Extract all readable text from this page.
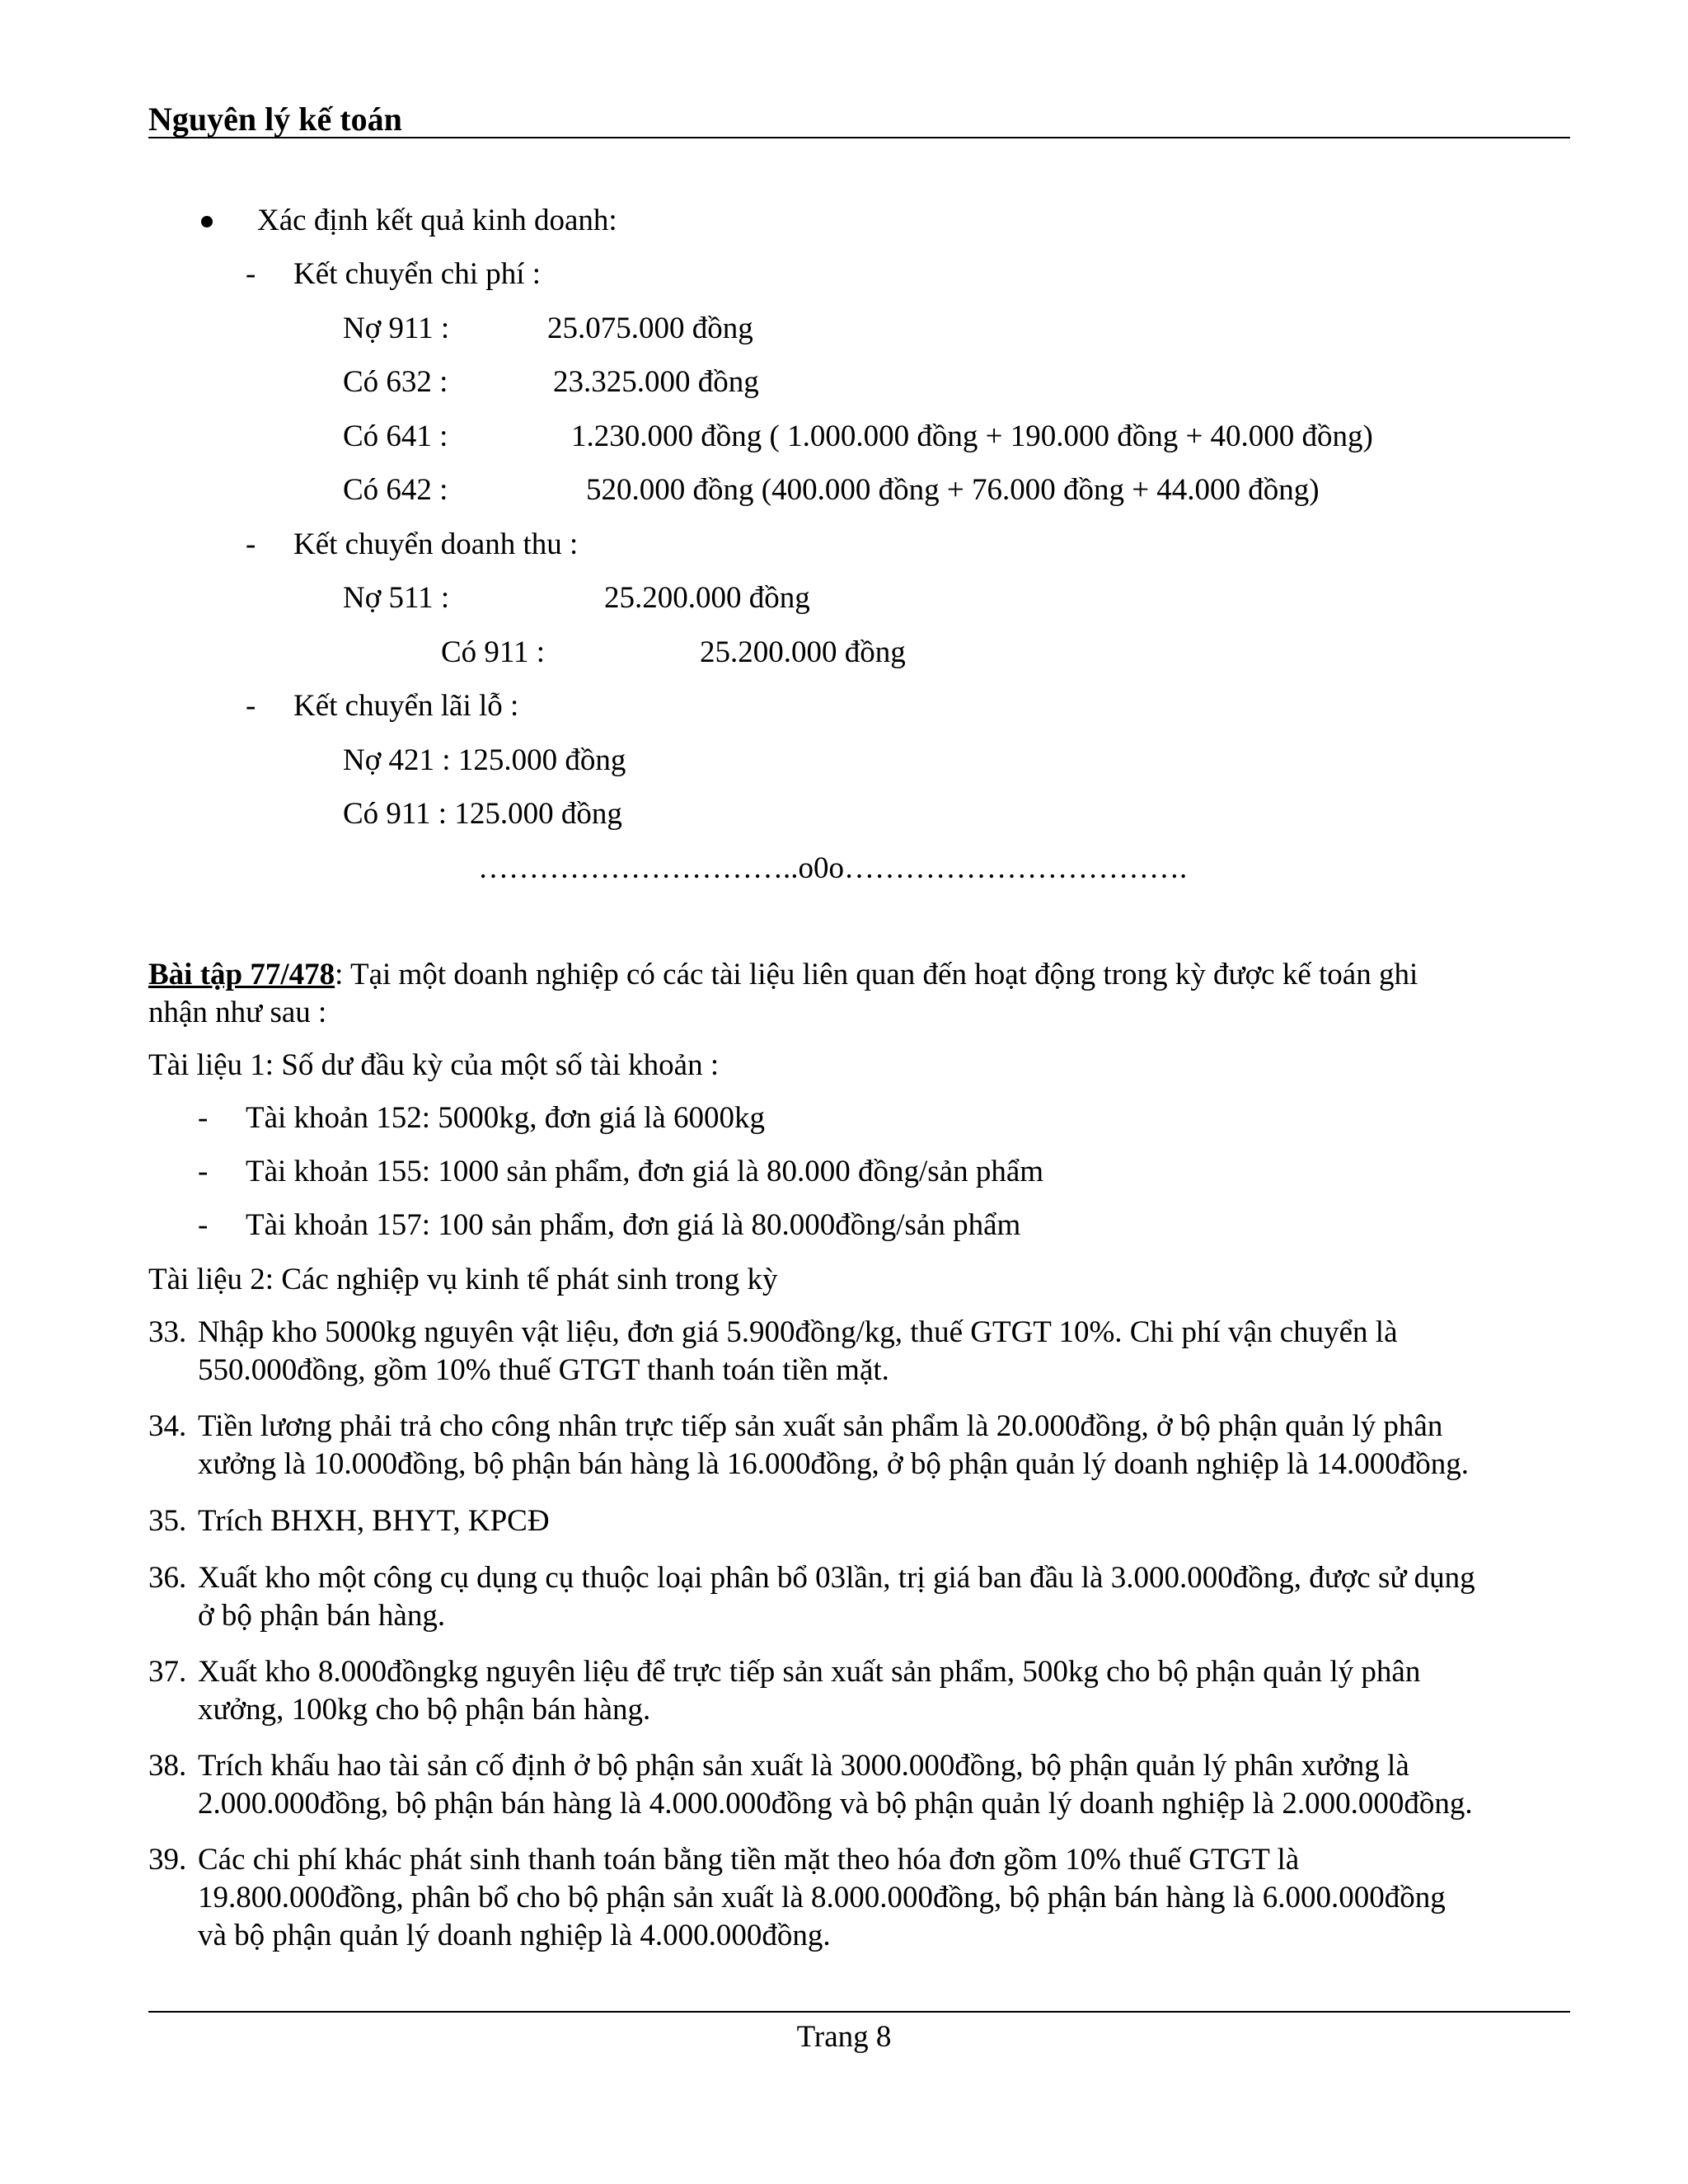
Nguyên lý kế toán
Xác định kết quả kinh doanh:
- Kết chuyển chi phí :
Nợ 911 :	25.075.000 đồng
Có 632 :	23.325.000 đồng
Có 641 :	1.230.000 đồng ( 1.000.000 đồng + 190.000 đồng + 40.000 đồng)
Có 642 :	520.000 đồng (400.000 đồng + 76.000 đồng + 44.000 đồng)
- Kết chuyển doanh thu :
Nợ 511 :	25.200.000 đồng
Có 911 :	25.200.000 đồng
- Kết chuyển lãi lỗ :
Nợ 421 : 125.000 đồng
Có 911 : 125.000 đồng
…………………………..o0o…………………………….
Bài tập 77/478: Tại một doanh nghiệp có các tài liệu liên quan đến hoạt động trong kỳ được kế toán ghi
nhận như sau :
Tài liệu 1: Số dư đầu kỳ của một số tài khoản :
- Tài khoản 152: 5000kg, đơn giá là 6000kg
- Tài khoản 155: 1000 sản phẩm, đơn giá là 80.000 đồng/sản phẩm
- Tài khoản 157: 100 sản phẩm, đơn giá là 80.000đồng/sản phẩm
Tài liệu 2: Các nghiệp vụ kinh tế phát sinh trong kỳ
33. Nhập kho 5000kg nguyên vật liệu, đơn giá 5.900đồng/kg, thuế GTGT 10%. Chi phí vận chuyển là
550.000đồng, gồm 10% thuế GTGT thanh toán tiền mặt.
34. Tiền lương phải trả cho công nhân trực tiếp sản xuất sản phẩm là 20.000đồng, ở bộ phận quản lý phân
xưởng là 10.000đồng, bộ phận bán hàng là 16.000đồng, ở bộ phận quản lý doanh nghiệp là 14.000đồng.
35. Trích BHXH, BHYT, KPCĐ
36. Xuất kho một công cụ dụng cụ thuộc loại phân bổ 03lần, trị giá ban đầu là 3.000.000đồng, được sử dụng
ở bộ phận bán hàng.
37. Xuất kho 8.000đồngkg nguyên liệu để trực tiếp sản xuất sản phẩm, 500kg cho bộ phận quản lý phân
xưởng, 100kg cho bộ phận bán hàng.
38. Trích khấu hao tài sản cố định ở bộ phận sản xuất là 3000.000đồng, bộ phận quản lý phân xưởng là
2.000.000đồng, bộ phận bán hàng là 4.000.000đồng và bộ phận quản lý doanh nghiệp là 2.000.000đồng.
39. Các chi phí khác phát sinh thanh toán bằng tiền mặt theo hóa đơn gồm 10% thuế GTGT là
19.800.000đồng, phân bổ cho bộ phận sản xuất là 8.000.000đồng, bộ phận bán hàng là 6.000.000đồng
và bộ phận quản lý doanh nghiệp là 4.000.000đồng.
Trang 8
